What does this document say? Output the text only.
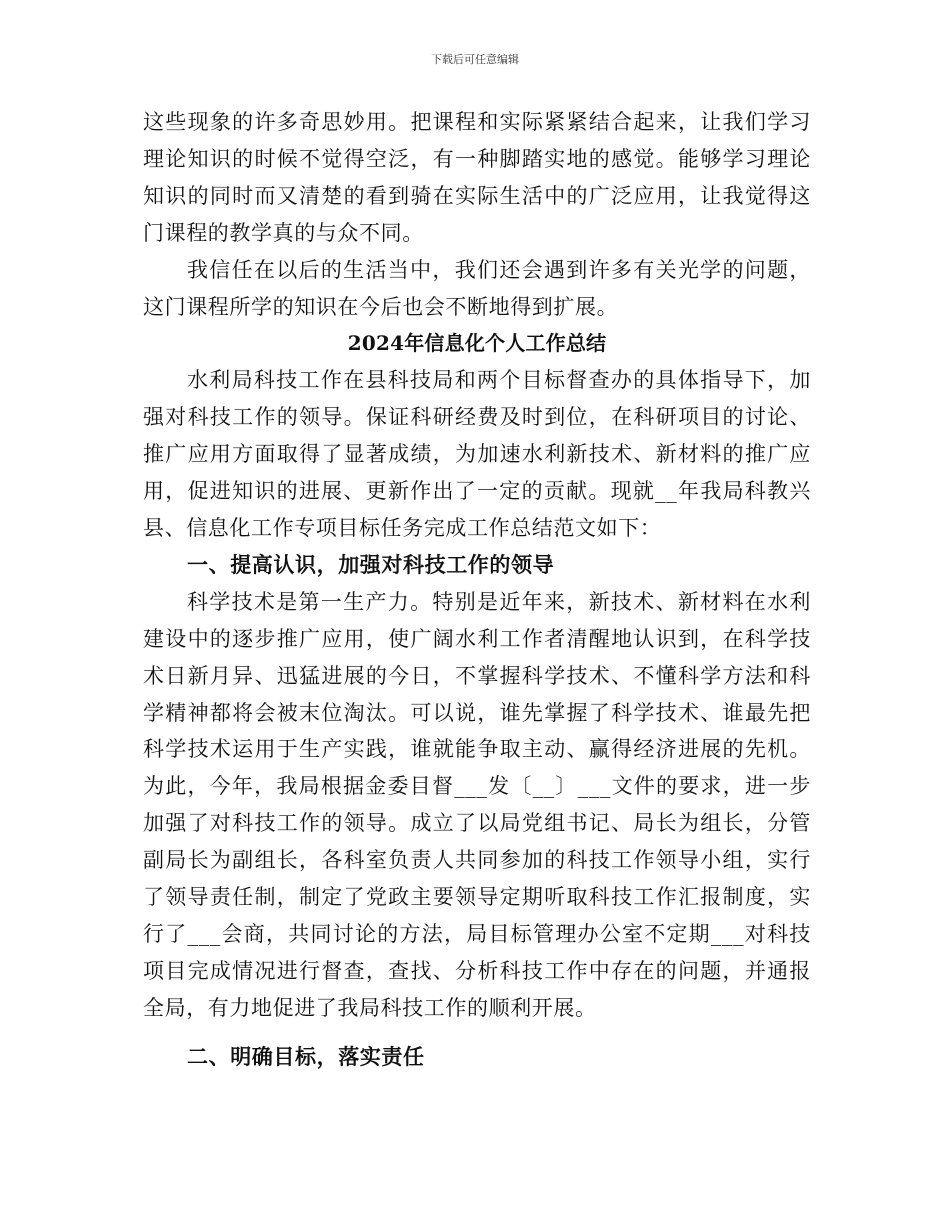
下载后可任意编辑

这些现象的许多奇思妙用。把课程和实际紧紧结合起来，让我们学习理论知识的时候不觉得空泛，有一种脚踏实地的感觉。能够学习理论知识的同时而又清楚的看到骑在实际生活中的广泛应用，让我觉得这门课程的教学真的与众不同。

我信任在以后的生活当中，我们还会遇到许多有关光学的问题，这门课程所学的知识在今后也会不断地得到扩展。

2024年信息化个人工作总结

水利局科技工作在县科技局和两个目标督查办的具体指导下，加强对科技工作的领导。保证科研经费及时到位，在科研项目的讨论、推广应用方面取得了显著成绩，为加速水利新技术、新材料的推广应用，促进知识的进展、更新作出了一定的贡献。现就__年我局科教兴县、信息化工作专项目标任务完成工作总结范文如下：

一、提高认识，加强对科技工作的领导

科学技术是第一生产力。特别是近年来，新技术、新材料在水利建设中的逐步推广应用，使广阔水利工作者清醒地认识到，在科学技术日新月异、迅猛进展的今日，不掌握科学技术、不懂科学方法和科学精神都将会被末位淘汰。可以说，谁先掌握了科学技术、谁最先把科学技术运用于生产实践，谁就能争取主动、赢得经济进展的先机。为此，今年，我局根据金委目督___发〔__〕___文件的要求，进一步加强了对科技工作的领导。成立了以局党组书记、局长为组长，分管副局长为副组长，各科室负责人共同参加的科技工作领导小组，实行了领导责任制，制定了党政主要领导定期听取科技工作汇报制度，实行了___会商，共同讨论的方法，局目标管理办公室不定期___对科技项目完成情况进行督查，查找、分析科技工作中存在的问题，并通报全局，有力地促进了我局科技工作的顺利开展。

二、明确目标，落实责任
